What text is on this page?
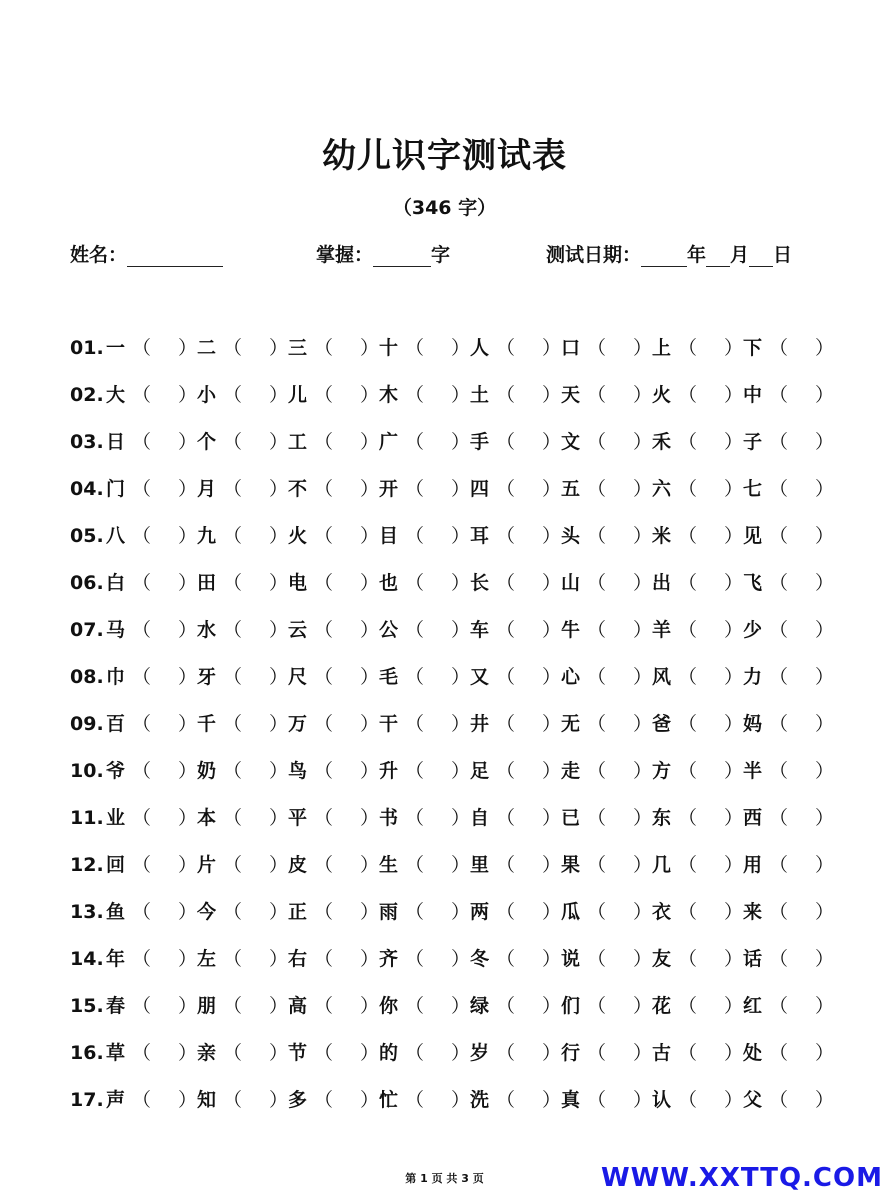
幼儿识字测试表
（346 字）
姓名：	掌握：	字	测试日期： 年 月 日
01. 一 （ ） 二 （ ） 三 （ ） 十 （ ） 人 （ ） 口 （ ） 上 （ ） 下 （ ）
02. 大 （ ） 小 （ ） 儿 （ ） 木 （ ） 土 （ ） 天 （ ） 火 （ ） 中 （ ）
03. 日 （ ） 个 （ ） 工 （ ） 广 （ ） 手 （ ） 文 （ ） 禾 （ ） 子 （ ）
04. 门 （ ） 月 （ ） 不 （ ） 开 （ ） 四 （ ） 五 （ ） 六 （ ） 七 （ ）
05. 八 （ ） 九 （ ） 火 （ ） 目 （ ） 耳 （ ） 头 （ ） 米 （ ） 见 （ ）
06. 白 （ ） 田 （ ） 电 （ ） 也 （ ） 长 （ ） 山 （ ） 出 （ ） 飞 （ ）
07. 马 （ ） 水 （ ） 云 （ ） 公 （ ） 车 （ ） 牛 （ ） 羊 （ ） 少 （ ）
08. 巾 （ ） 牙 （ ） 尺 （ ） 毛 （ ） 又 （ ） 心 （ ） 风 （ ） 力 （ ）
09. 百 （ ） 千 （ ） 万 （ ） 干 （ ） 井 （ ） 无 （ ） 爸 （ ） 妈 （ ）
10. 爷 （ ） 奶 （ ） 鸟 （ ） 升 （ ） 足 （ ） 走 （ ） 方 （ ） 半 （ ）
11. 业 （ ） 本 （ ） 平 （ ） 书 （ ） 自 （ ） 已 （ ） 东 （ ） 西 （ ）
12. 回 （ ） 片 （ ） 皮 （ ） 生 （ ） 里 （ ） 果 （ ） 几 （ ） 用 （ ）
13. 鱼 （ ） 今 （ ） 正 （ ） 雨 （ ） 两 （ ） 瓜 （ ） 衣 （ ） 来 （ ）
14. 年 （ ） 左 （ ） 右 （ ） 齐 （ ） 冬 （ ） 说 （ ） 友 （ ） 话 （ ）
15. 春 （ ） 朋 （ ） 高 （ ） 你 （ ） 绿 （ ） 们 （ ） 花 （ ） 红 （ ）
16. 草 （ ） 亲 （ ） 节 （ ） 的 （ ） 岁 （ ） 行 （ ） 古 （ ） 处 （ ）
17. 声 （ ） 知 （ ） 多 （ ） 忙 （ ） 洗 （ ） 真 （ ） 认 （ ） 父 （ ）
第 1 页 共 3 页	WWW.XXTTQ.COM
